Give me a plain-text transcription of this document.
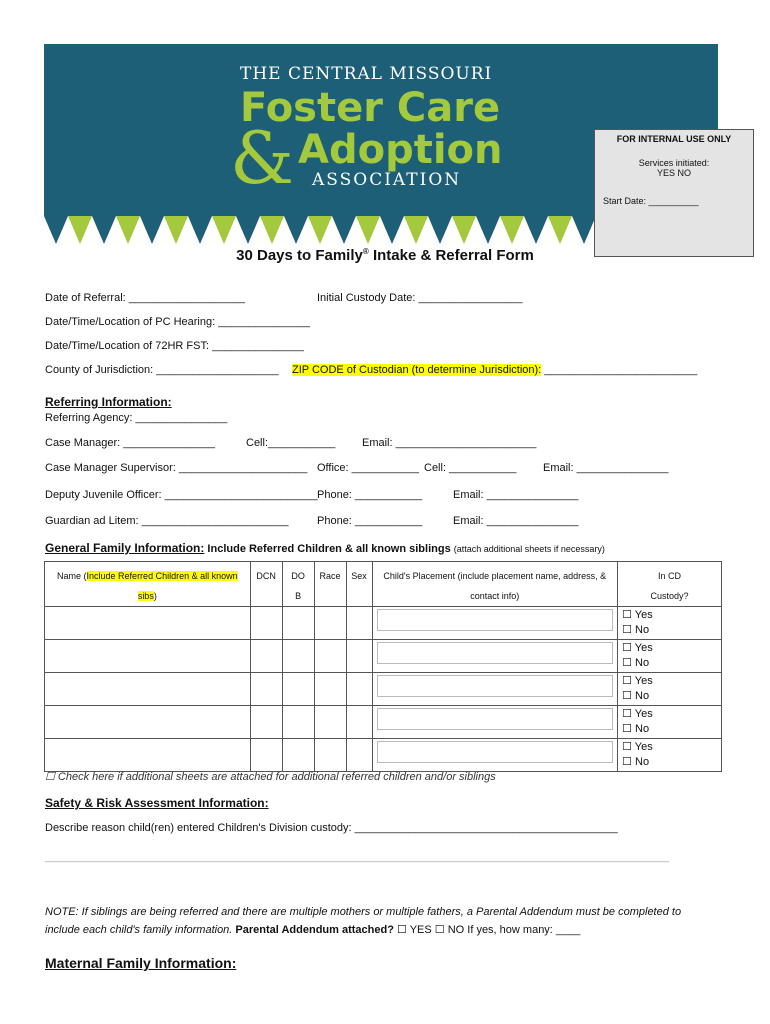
THE CENTRAL MISSOURI
Foster Care
& Adoption
ASSOCIATION
FOR INTERNAL USE ONLY
Services initiated:
YES NO
Start Date: __________
30 Days to Family® Intake & Referral Form
Date of Referral: ___________________	Initial Custody Date: _________________
Date/Time/Location of PC Hearing: _______________
Date/Time/Location of 72HR FST: _______________
County of Jurisdiction: ____________________ ZIP CODE of Custodian (to determine Jurisdiction): _________________________
Referring Information:
Referring Agency: _______________
Case Manager: _______________	Cell:___________ Email: _______________________
Case Manager Supervisor: _____________________ Office: ___________ Cell: ___________ Email: _______________
Deputy Juvenile Officer: _________________________ Phone: ___________	Email: _______________
Guardian ad Litem: ________________________	Phone: ___________	Email: _______________
General Family Information: Include Referred Children & all known siblings (attach additional sheets if necessary)
Name (Include Referred Children & all known
sibs)	DCN	DO
B	Race	Sex	Child's Placement (include placement name, address, &
contact info)	In CD
Custody?

						☐ Yes
☐ No

						☐ Yes
☐ No

						☐ Yes
☐ No

						☐ Yes
☐ No

						☐ Yes
☐ No
☐ Check here if additional sheets are attached for additional referred children and/or siblings
Safety & Risk Assessment Information:
Describe reason child(ren) entered Children's Division custody: ___________________________________________
______________________________________________________________________________________________________
NOTE: If siblings are being referred and there are multiple mothers or multiple fathers, a Parental Addendum must be completed to
include each child's family information. Parental Addendum attached? ☐ YES ☐ NO If yes, how many: ____
Maternal Family Information:
